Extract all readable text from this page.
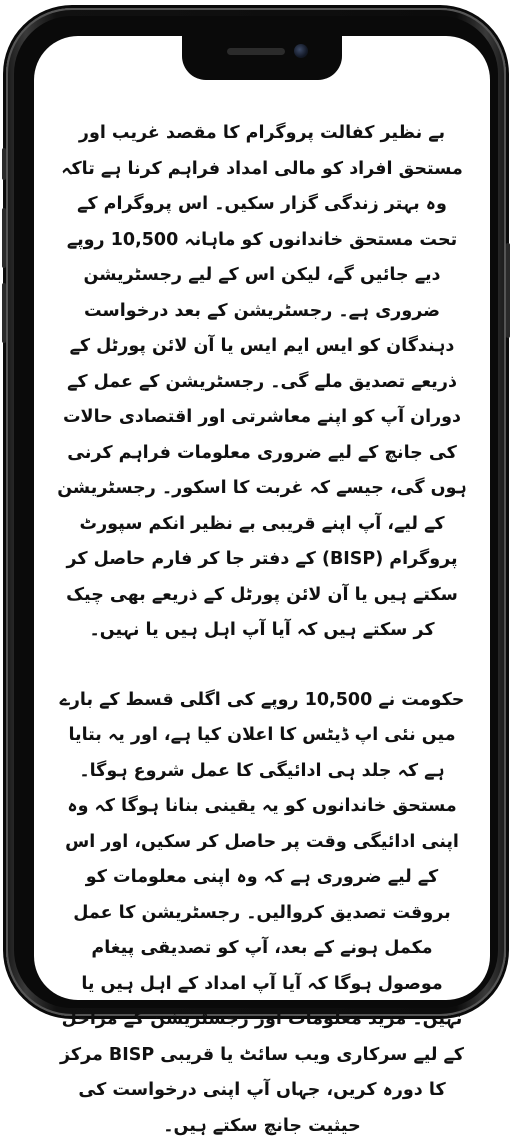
بے نظیر کفالت پروگرام کا مقصد غریب اور مستحق افراد کو مالی امداد فراہم کرنا ہے تاکہ وہ بہتر زندگی گزار سکیں۔ اس پروگرام کے تحت مستحق خاندانوں کو ماہانہ 10,500 روپے دیے جائیں گے، لیکن اس کے لیے رجسٹریشن ضروری ہے۔ رجسٹریشن کے بعد درخواست دہندگان کو ایس ایم ایس یا آن لائن پورٹل کے ذریعے تصدیق ملے گی۔ رجسٹریشن کے عمل کے دوران آپ کو اپنے معاشرتی اور اقتصادی حالات کی جانچ کے لیے ضروری معلومات فراہم کرنی ہوں گی، جیسے کہ غربت کا اسکور۔ رجسٹریشن کے لیے، آپ اپنے قریبی بے نظیر انکم سپورٹ پروگرام (BISP) کے دفتر جا کر فارم حاصل کر سکتے ہیں یا آن لائن پورٹل کے ذریعے بھی چیک کر سکتے ہیں کہ آیا آپ اہل ہیں یا نہیں۔

حکومت نے 10,500 روپے کی اگلی قسط کے بارے میں نئی اپ ڈیٹس کا اعلان کیا ہے، اور یہ بتایا ہے کہ جلد ہی ادائیگی کا عمل شروع ہوگا۔ مستحق خاندانوں کو یہ یقینی بنانا ہوگا کہ وہ اپنی ادائیگی وقت پر حاصل کر سکیں، اور اس کے لیے ضروری ہے کہ وہ اپنی معلومات کو بروقت تصدیق کروالیں۔ رجسٹریشن کا عمل مکمل ہونے کے بعد، آپ کو تصدیقی پیغام موصول ہوگا کہ آیا آپ امداد کے اہل ہیں یا نہیں۔ مزید معلومات اور رجسٹریشن کے مراحل کے لیے سرکاری ویب سائٹ یا قریبی BISP مرکز کا دورہ کریں، جہاں آپ اپنی درخواست کی حیثیت جانچ سکتے ہیں۔
